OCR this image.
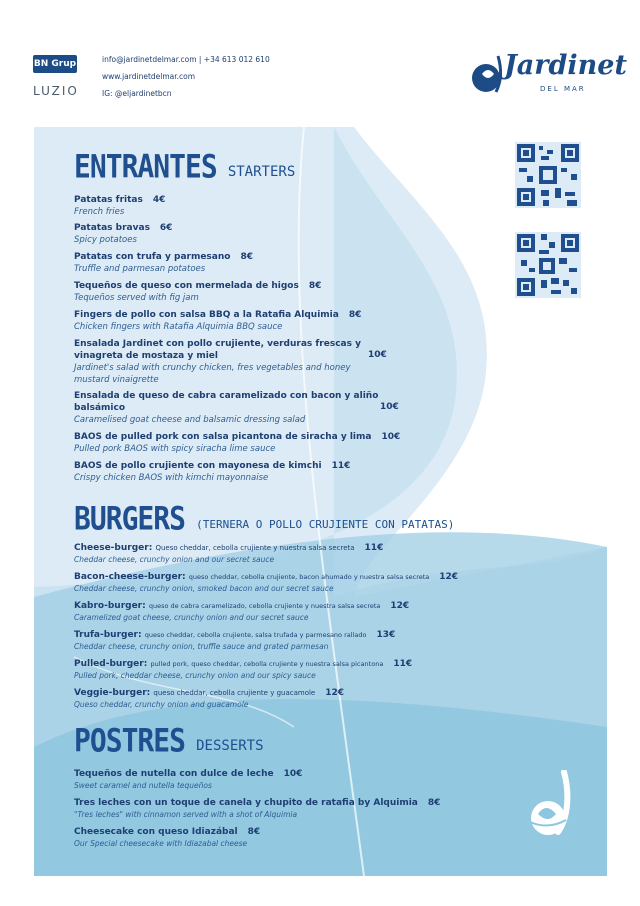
BN Grup
LUZIO
info@jardinetdelmar.com | +34 613 012 610
www.jardinetdelmar.com
IG: @eljardinetbcn
Jardinet
DEL MAR
ENTRANTES STARTERS
Patatas fritas 4€
French fries
Patatas bravas 6€
Spicy potatoes
Patatas con trufa y parmesano 8€
Truffle and parmesan potatoes
Tequeños de queso con mermelada de higos 8€
Tequeños served with fig jam
Fingers de pollo con salsa BBQ a la Ratafia Alquimia 8€
Chicken fingers with Ratafia Alquimia BBQ sauce
Ensalada Jardinet con pollo crujiente, verduras frescas y
vinagreta de mostaza y miel
Jardinet's salad with crunchy chicken, fres vegetables and honey
mustard vinaigrette
10€
Ensalada de queso de cabra caramelizado con bacon y aliño
balsámico
Caramelised goat cheese and balsamic dressing salad
10€
BAOS de pulled pork con salsa picantona de siracha y lima 10€
Pulled pork BAOS with spicy siracha lime sauce
BAOS de pollo crujiente con mayonesa de kimchi 11€
Crispy chicken BAOS with kimchi mayonnaise
BURGERS (TERNERA O POLLO CRUJIENTE CON PATATAS)
Cheese-burger: Queso cheddar, cebolla crujiente y nuestra salsa secreta 11€
Cheddar cheese, crunchy onion and our secret sauce
Bacon-cheese-burger: queso cheddar, cebolla crujiente, bacon ahumado y nuestra salsa secreta 12€
Cheddar cheese, crunchy onion, smoked bacon and our secret sauce
Kabro-burger: queso de cabra caramelizado, cebolla crujiente y nuestra salsa secreta 12€
Caramelized goat cheese, crunchy onion and our secret sauce
Trufa-burger: queso cheddar, cebolla crujiente, salsa trufada y parmesano rallado 13€
Cheddar cheese, crunchy onion, truffle sauce and grated parmesan
Pulled-burger: pulled pork, queso cheddar, cebolla crujiente y nuestra salsa picantona 11€
Pulled pork, cheddar cheese, crunchy onion and our spicy sauce
Veggie-burger: queso cheddar, cebolla crujiente y guacamole 12€
Queso cheddar, crunchy onion and guacamole
POSTRES DESSERTS
Tequeños de nutella con dulce de leche 10€
Sweet caramel and nutella tequeños
Tres leches con un toque de canela y chupito de ratafia by Alquimia 8€
"Tres leches" with cinnamon served with a shot of Alquimia
Cheesecake con queso Idiazábal 8€
Our Special cheesecake with Idiazabal cheese
